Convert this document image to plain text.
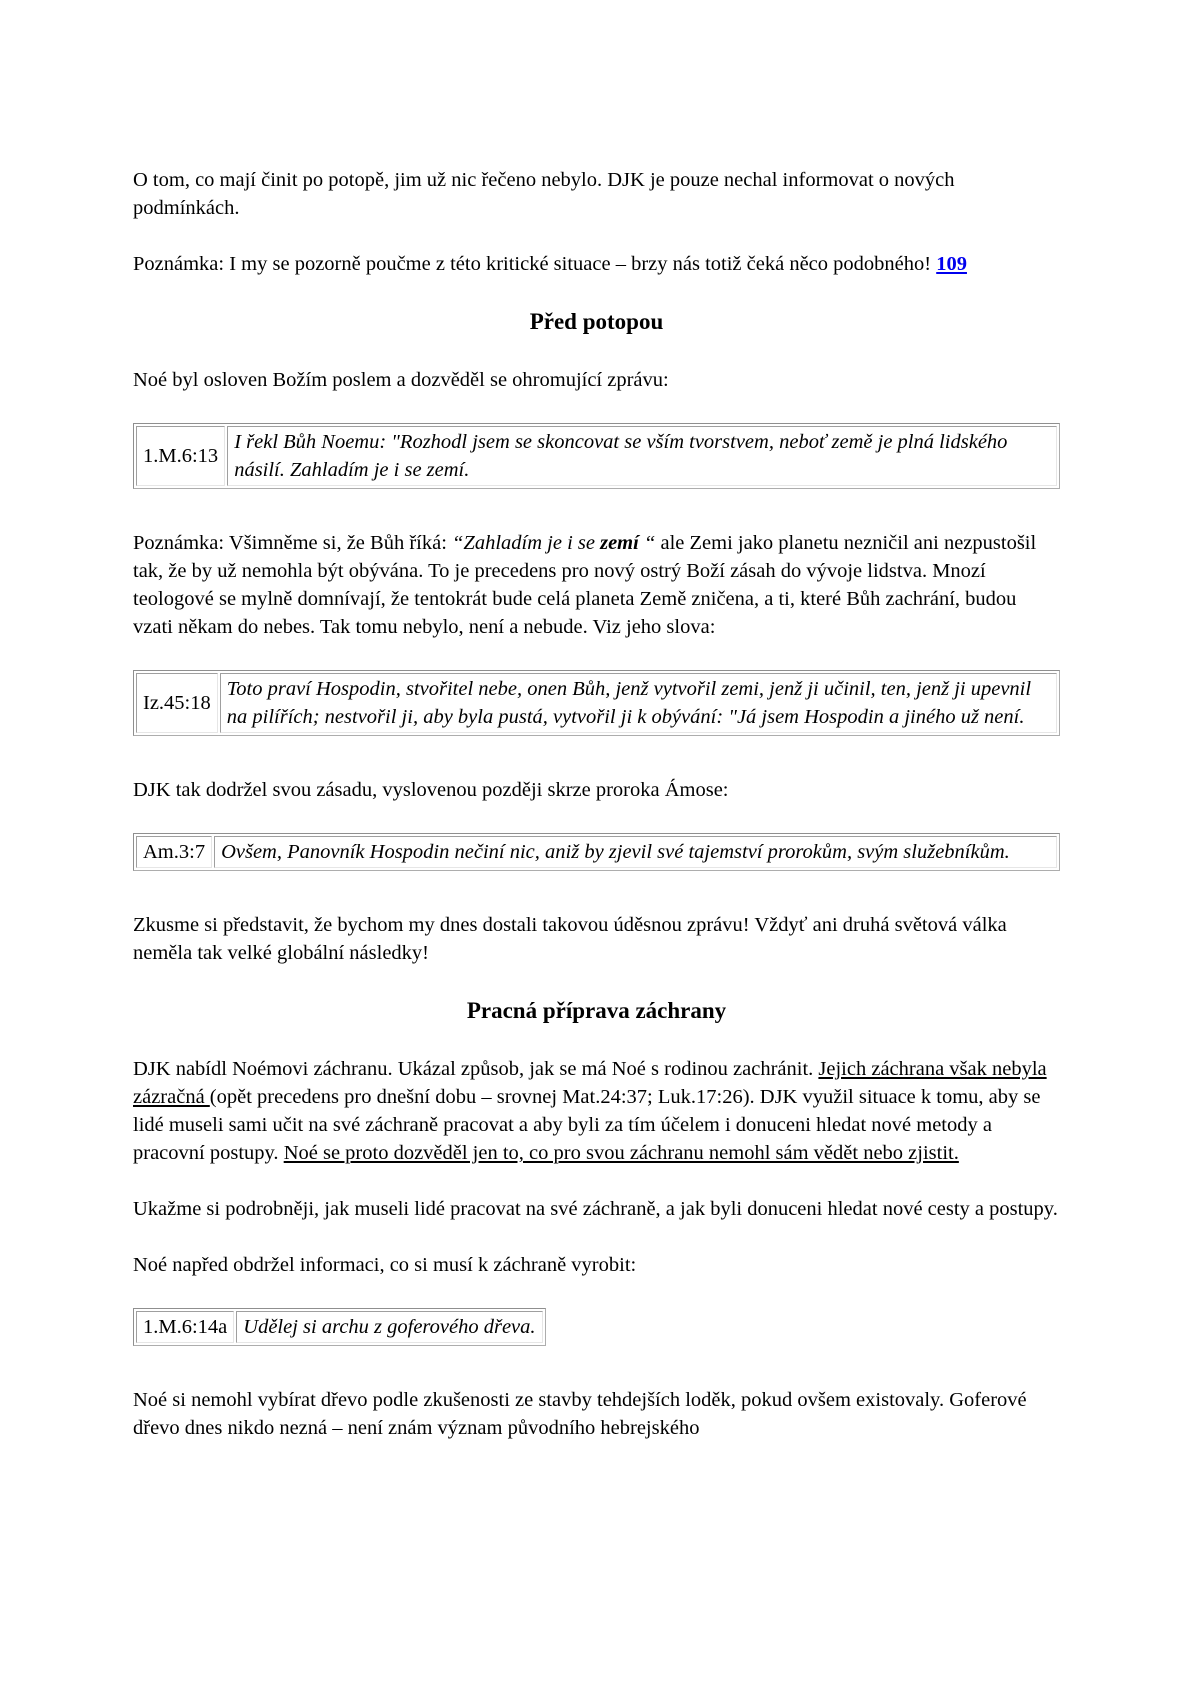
O tom, co mají činit po potopě, jim už nic řečeno nebylo. DJK je pouze nechal informovat o nových podmínkách.

Poznámka: I my se pozorně poučme z této kritické situace – brzy nás totiž čeká něco podobného! 109

Před potopou

Noé byl osloven Božím poslem a dozvěděl se ohromující zprávu:

1.M.6:13	I řekl Bůh Noemu: "Rozhodl jsem se skoncovat se vším tvorstvem, neboť země je plná lidského násilí. Zahladím je i se zemí.

Poznámka: Všimněme si, že Bůh říká: “Zahladím je i se zemí “ ale Zemi jako planetu nezničil ani nezpustošil tak, že by už nemohla být obývána. To je precedens pro nový ostrý Boží zásah do vývoje lidstva. Mnozí teologové se mylně domnívají, že tentokrát bude celá planeta Země zničena, a ti, které Bůh zachrání, budou vzati někam do nebes. Tak tomu nebylo, není a nebude. Viz jeho slova:

Iz.45:18	Toto praví Hospodin, stvořitel nebe, onen Bůh, jenž vytvořil zemi, jenž ji učinil, ten, jenž ji upevnil na pilířích; nestvořil ji, aby byla pustá, vytvořil ji k obývání: "Já jsem Hospodin a jiného už není.

DJK tak dodržel svou zásadu, vyslovenou později skrze proroka Ámose:

Am.3:7	Ovšem, Panovník Hospodin nečiní nic, aniž by zjevil své tajemství prorokům, svým služebníkům.

Zkusme si představit, že bychom my dnes dostali takovou úděsnou zprávu! Vždyť ani druhá světová válka neměla tak velké globální následky!

Pracná příprava záchrany

DJK nabídl Noémovi záchranu. Ukázal způsob, jak se má Noé s rodinou zachránit. Jejich záchrana však nebyla zázračná (opět precedens pro dnešní dobu – srovnej Mat.24:37; Luk.17:26). DJK využil situace k tomu, aby se lidé museli sami učit na své záchraně pracovat a aby byli za tím účelem i donuceni hledat nové metody a pracovní postupy. Noé se proto dozvěděl jen to, co pro svou záchranu nemohl sám vědět nebo zjistit.

Ukažme si podrobněji, jak museli lidé pracovat na své záchraně, a jak byli donuceni hledat nové cesty a postupy.

Noé napřed obdržel informaci, co si musí k záchraně vyrobit:

1.M.6:14a	Udělej si archu z goferového dřeva.

Noé si nemohl vybírat dřevo podle zkušenosti ze stavby tehdejších loděk, pokud ovšem existovaly. Goferové dřevo dnes nikdo nezná – není znám význam původního hebrejského
